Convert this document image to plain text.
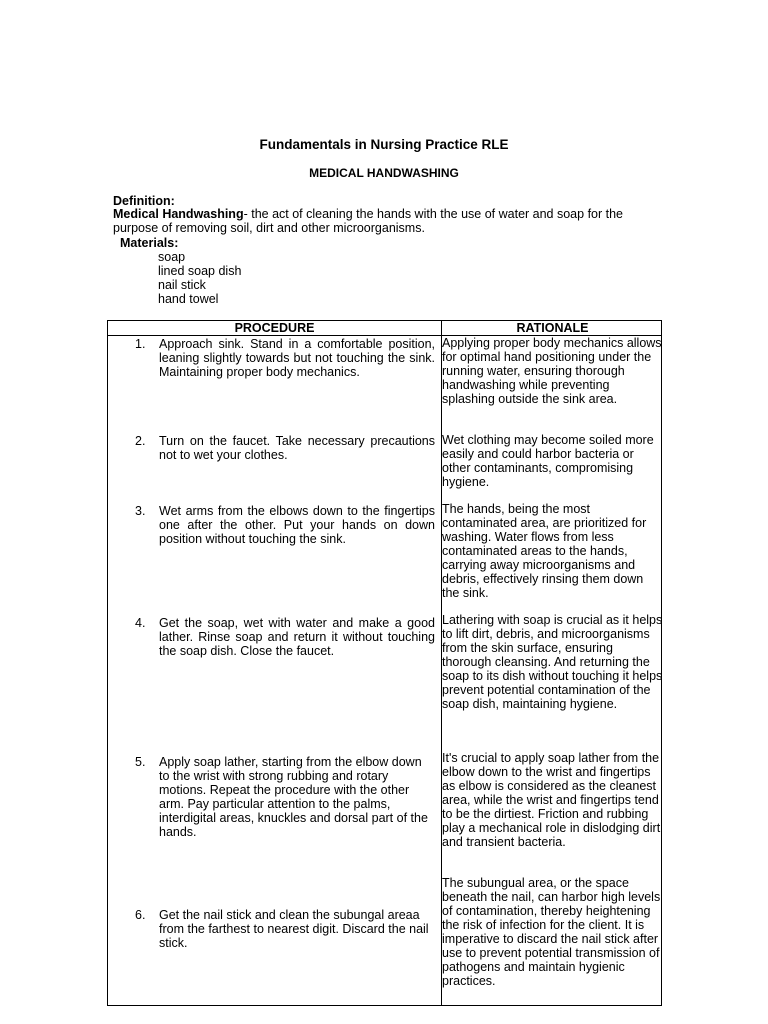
Fundamentals in Nursing Practice RLE
MEDICAL HANDWASHING
Definition:
Medical Handwashing- the act of cleaning the hands with the use of water and soap for the purpose of removing soil, dirt and other microorganisms.
Materials:
soap
lined soap dish
nail stick
hand towel
PROCEDURE	RATIONALE
1. Approach sink. Stand in a comfortable position, leaning slightly towards but not touching the sink. Maintaining proper body mechanics.
Applying proper body mechanics allows for optimal hand positioning under the running water, ensuring thorough handwashing while preventing splashing outside the sink area.
2. Turn on the faucet. Take necessary precautions not to wet your clothes.
Wet clothing may become soiled more easily and could harbor bacteria or other contaminants, compromising hygiene.
3. Wet arms from the elbows down to the fingertips one after the other. Put your hands on down position without touching the sink.
The hands, being the most contaminated area, are prioritized for washing. Water flows from less contaminated areas to the hands, carrying away microorganisms and debris, effectively rinsing them down the sink.
4. Get the soap, wet with water and make a good lather. Rinse soap and return it without touching the soap dish. Close the faucet.
Lathering with soap is crucial as it helps to lift dirt, debris, and microorganisms from the skin surface, ensuring thorough cleansing. And returning the soap to its dish without touching it helps prevent potential contamination of the soap dish, maintaining hygiene.
5. Apply soap lather, starting from the elbow down to the wrist with strong rubbing and rotary motions. Repeat the procedure with the other arm. Pay particular attention to the palms, interdigital areas, knuckles and dorsal part of the hands.
It's crucial to apply soap lather from the elbow down to the wrist and fingertips as elbow is considered as the cleanest area, while the wrist and fingertips tend to be the dirtiest. Friction and rubbing play a mechanical role in dislodging dirt and transient bacteria.
6. Get the nail stick and clean the subungal areaa from the farthest to nearest digit. Discard the nail stick.
The subungual area, or the space beneath the nail, can harbor high levels of contamination, thereby heightening the risk of infection for the client. It is imperative to discard the nail stick after use to prevent potential transmission of pathogens and maintain hygienic practices.
